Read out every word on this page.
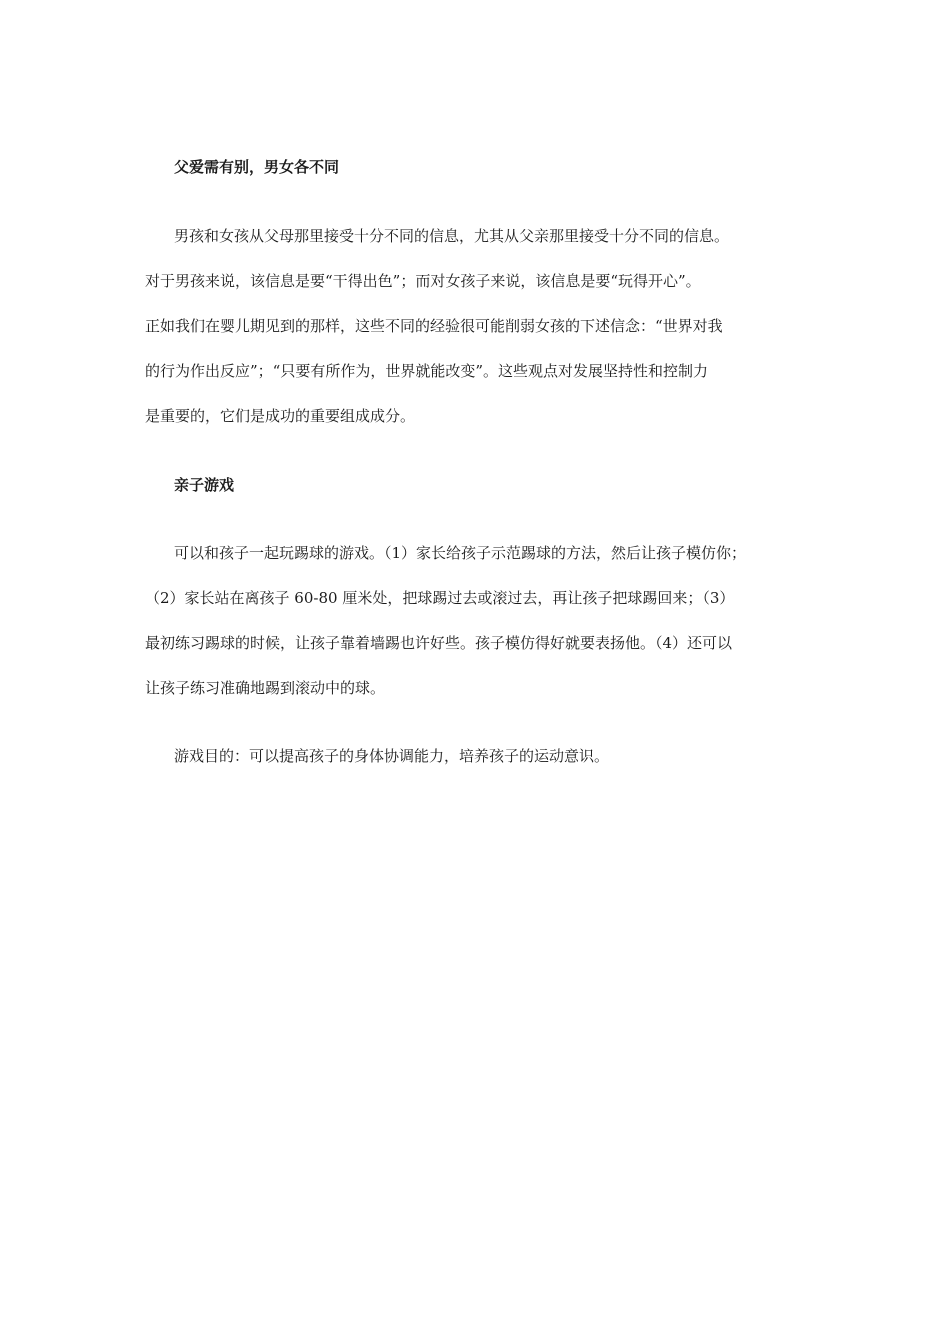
父爱需有别，男女各不同
男孩和女孩从父母那里接受十分不同的信息，尤其从父亲那里接受十分不同的信息。
对于男孩来说，该信息是要“干得出色”；而对女孩子来说，该信息是要“玩得开心”。
正如我们在婴儿期见到的那样，这些不同的经验很可能削弱女孩的下述信念：“世界对我
的行为作出反应”；“只要有所作为，世界就能改变”。这些观点对发展坚持性和控制力
是重要的，它们是成功的重要组成成分。
亲子游戏
可以和孩子一起玩踢球的游戏。（1）家长给孩子示范踢球的方法，然后让孩子模仿你；
（2）家长站在离孩子 60-80 厘米处，把球踢过去或滚过去，再让孩子把球踢回来；（3）
最初练习踢球的时候，让孩子靠着墙踢也许好些。孩子模仿得好就要表扬他。（4）还可以
让孩子练习准确地踢到滚动中的球。
游戏目的：可以提高孩子的身体协调能力，培养孩子的运动意识。
